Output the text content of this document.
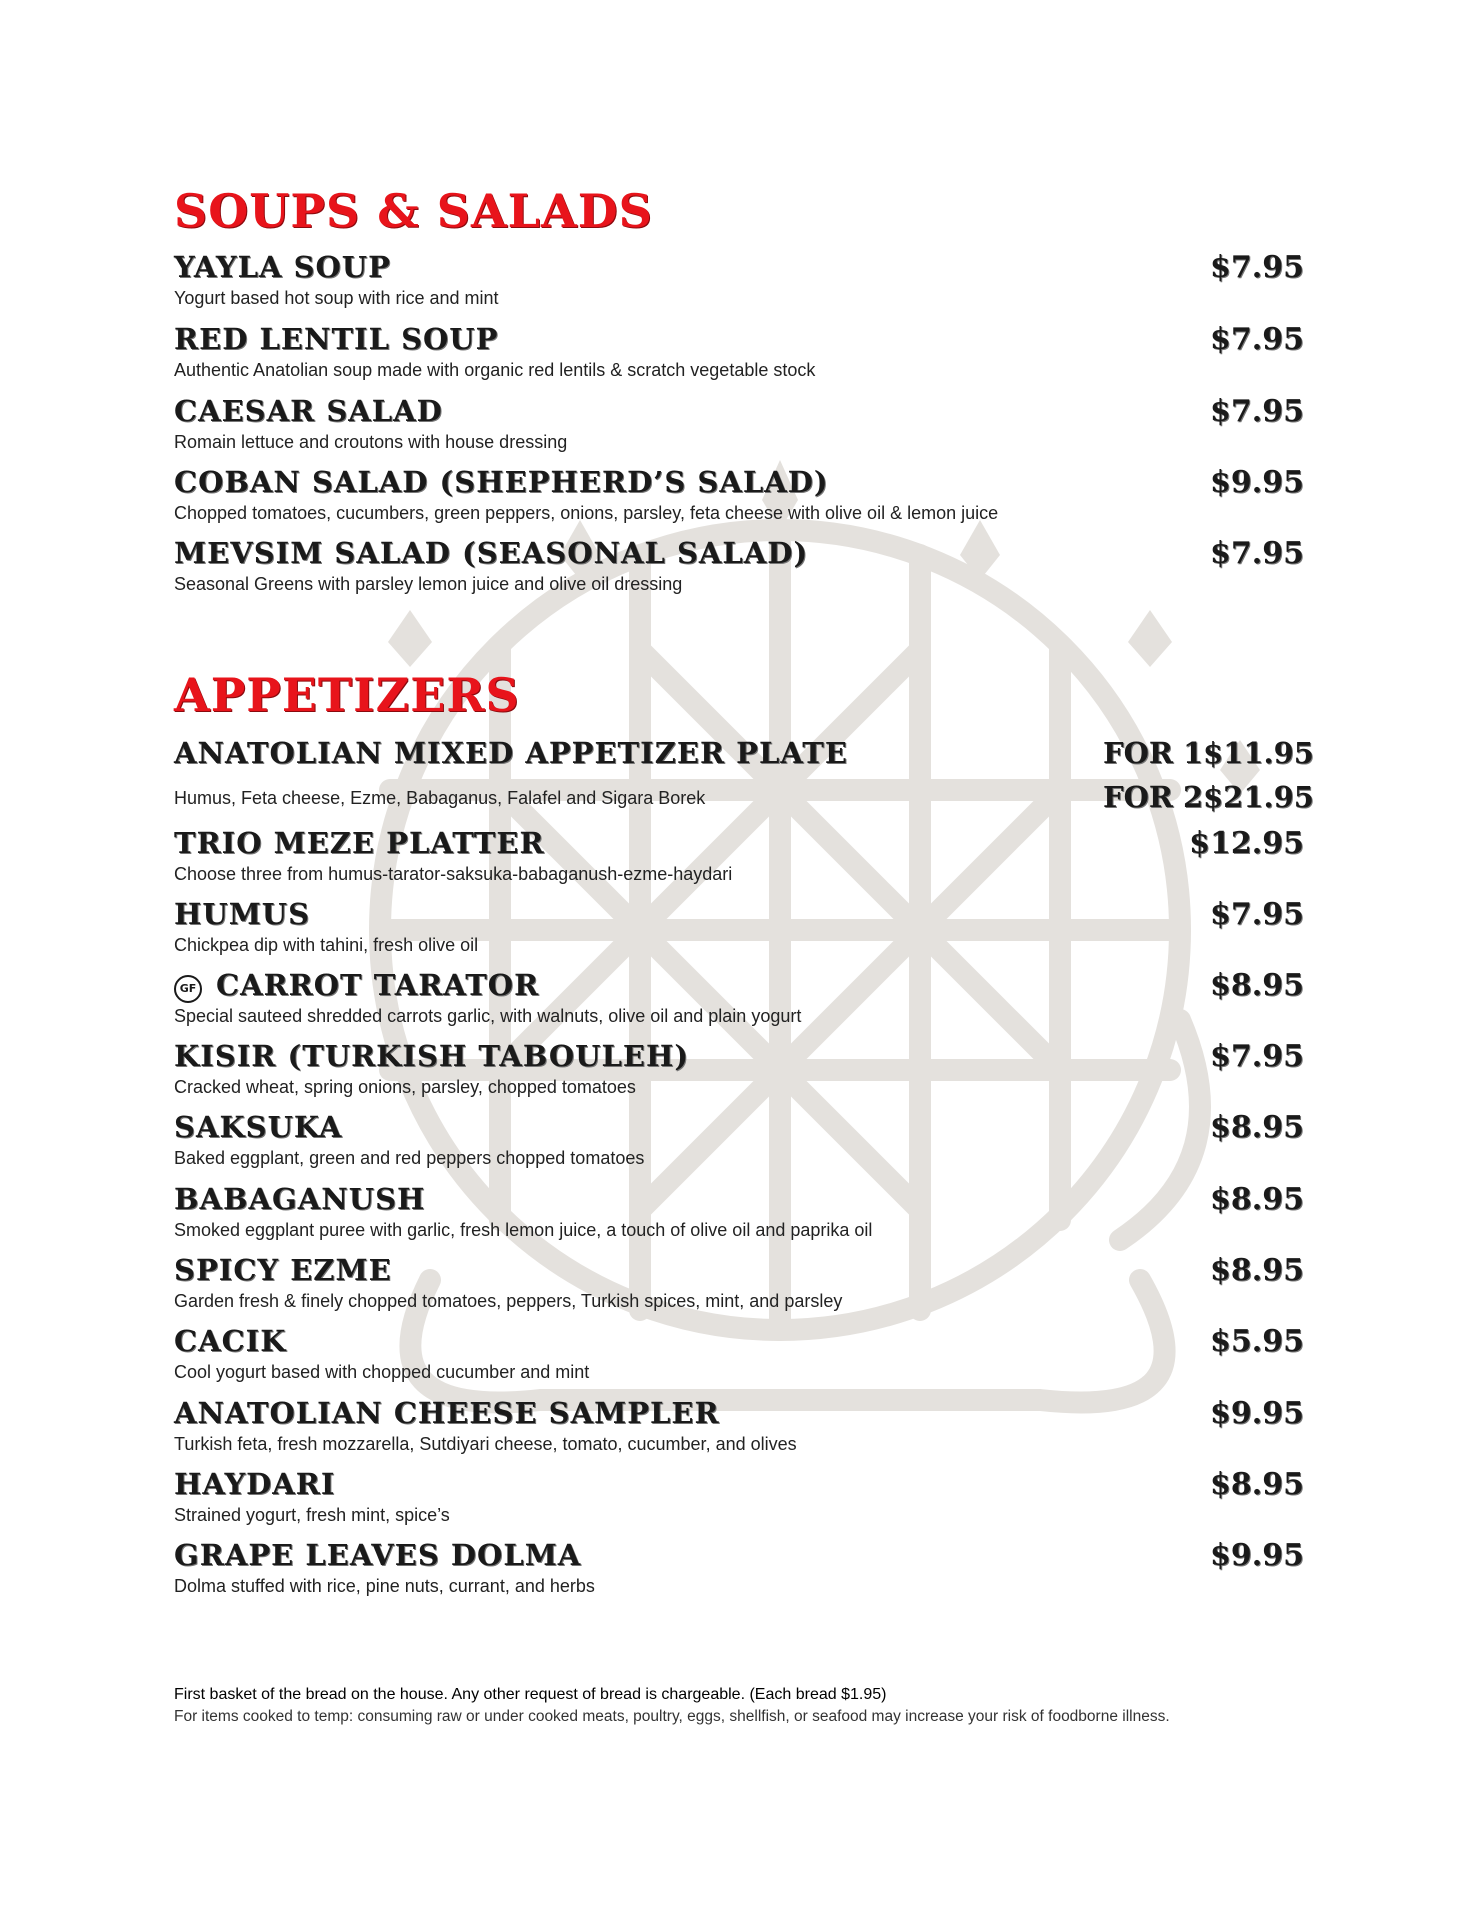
SOUPS & SALADS
YAYLA SOUP	$7.95
Yogurt based hot soup with rice and mint
RED LENTIL SOUP	$7.95
Authentic Anatolian soup made with organic red lentils & scratch vegetable stock
CAESAR SALAD	$7.95
Romain lettuce and croutons with house dressing
COBAN SALAD (SHEPHERD’S SALAD)	$9.95
Chopped tomatoes, cucumbers, green peppers, onions, parsley, feta cheese with olive oil & lemon juice
MEVSIM SALAD (SEASONAL SALAD)	$7.95
Seasonal Greens with parsley lemon juice and olive oil dressing
APPETIZERS
ANATOLIAN MIXED APPETIZER PLATE	FOR 1$11.95
FOR 2$21.95
Humus, Feta cheese, Ezme, Babaganus, Falafel and Sigara Borek
TRIO MEZE PLATTER	$12.95
Choose three from humus-tarator-saksuka-babaganush-ezme-haydari
HUMUS	$7.95
Chickpea dip with tahini, fresh olive oil
GF CARROT TARATOR	$8.95
Special sauteed shredded carrots garlic, with walnuts, olive oil and plain yogurt
KISIR (TURKISH TABOULEH)	$7.95
Cracked wheat, spring onions, parsley, chopped tomatoes
SAKSUKA	$8.95
Baked eggplant, green and red peppers chopped tomatoes
BABAGANUSH	$8.95
Smoked eggplant puree with garlic, fresh lemon juice, a touch of olive oil and paprika oil
SPICY EZME	$8.95
Garden fresh & finely chopped tomatoes, peppers, Turkish spices, mint, and parsley
CACIK	$5.95
Cool yogurt based with chopped cucumber and mint
ANATOLIAN CHEESE SAMPLER	$9.95
Turkish feta, fresh mozzarella, Sutdiyari cheese, tomato, cucumber, and olives
HAYDARI	$8.95
Strained yogurt, fresh mint, spice’s
GRAPE LEAVES DOLMA	$9.95
Dolma stuffed with rice, pine nuts, currant, and herbs
First basket of the bread on the house. Any other request of bread is chargeable. (Each bread $1.95)
For items cooked to temp: consuming raw or under cooked meats, poultry, eggs, shellfish, or seafood may increase your risk of foodborne illness.
